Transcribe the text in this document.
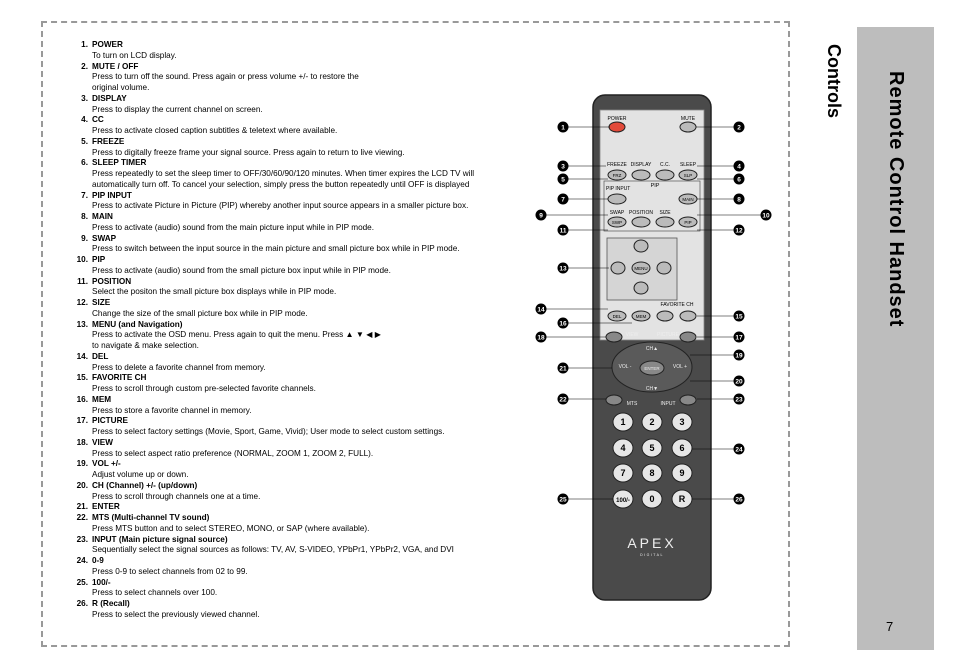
1. POWER
To turn on LCD display.
2. MUTE / OFF
Press to turn off the sound. Press again or press volume +/- to restore the
original volume.
3. DISPLAY
Press to display the current channel on screen.
4. CC
Press to activate closed caption subtitles & teletext where available.
5. FREEZE
Press to digitally freeze frame your signal source. Press again to return to live viewing.
6. SLEEP TIMER
Press repeatedly to set the sleep timer to OFF/30/60/90/120 minutes. When timer expires the LCD TV will
automatically turn off. To cancel your selection, simply press the button repeatedly until OFF is displayed
7. PIP INPUT
Press to activate Picture in Picture (PIP) whereby another input source appears in a smaller picture box.
8. MAIN
Press to activate (audio) sound from the main picture input while in PIP mode.
9. SWAP
Press to switch between the input source in the main picture and small picture box while in PIP mode.
10. PIP
Press to activate (audio) sound from the small picture box input while in PIP mode.
11. POSITION
Select the positon the small picture box displays while in PIP mode.
12. SIZE
Change the size of the small picture box while in PIP mode.
13. MENU (and Navigation)
Press to activate the OSD menu. Press again to quit the menu. Press ▲ ▼ ◀ ▶
to navigate & make selection.
14. DEL
Press to delete a favorite channel from memory.
15. FAVORITE CH
Press to scroll through custom pre-selected favorite channels.
16. MEM
Press to store a favorite channel in memory.
17. PICTURE
Press to select factory settings (Movie, Sport, Game, Vivid); User mode to select custom settings.
18. VIEW
Press to select aspect ratio preference (NORMAL, ZOOM 1, ZOOM 2, FULL).
19. VOL +/-
Adjust volume up or down.
20. CH (Channel) +/- (up/down)
Press to scroll through channels one at a time.
21. ENTER
22. MTS (Multi-channel TV sound)
Press MTS button and to select STEREO, MONO, or SAP (where available).
23. INPUT (Main picture signal source)
Sequentially select the signal sources as follows: TV, AV, S-VIDEO, YPbPr1, YPbPr2, VGA, and DVI
24. 0-9
Press 0-9 to select channels from 02 to 99.
25. 100/-
Press to select channels over 100.
26. R (Recall)
Press to select the previously viewed channel.
Controls Remote Control Handset
7
POWER	MUTE
FREEZE DISPLAY C.C. SLEEP
FRZ	SLP
PIP
PIP INPUT
MAIN
SWAP POSITION SIZE
SWP	PIP
MENU
FAVORITE CH
DEL	MEM
VIEW	PICTURE
CH▲
CH▼
VOL -	VOL +
ENTER
MTS	INPUT
1	2	3
4	5	6
7	8	9
100/- 0	R
APEX
DIGITAL
1	2
3	4
5	6
7	8
9	10
11	12
13
14
15
16
17
18
19
20
21
22	23
24
25	26
